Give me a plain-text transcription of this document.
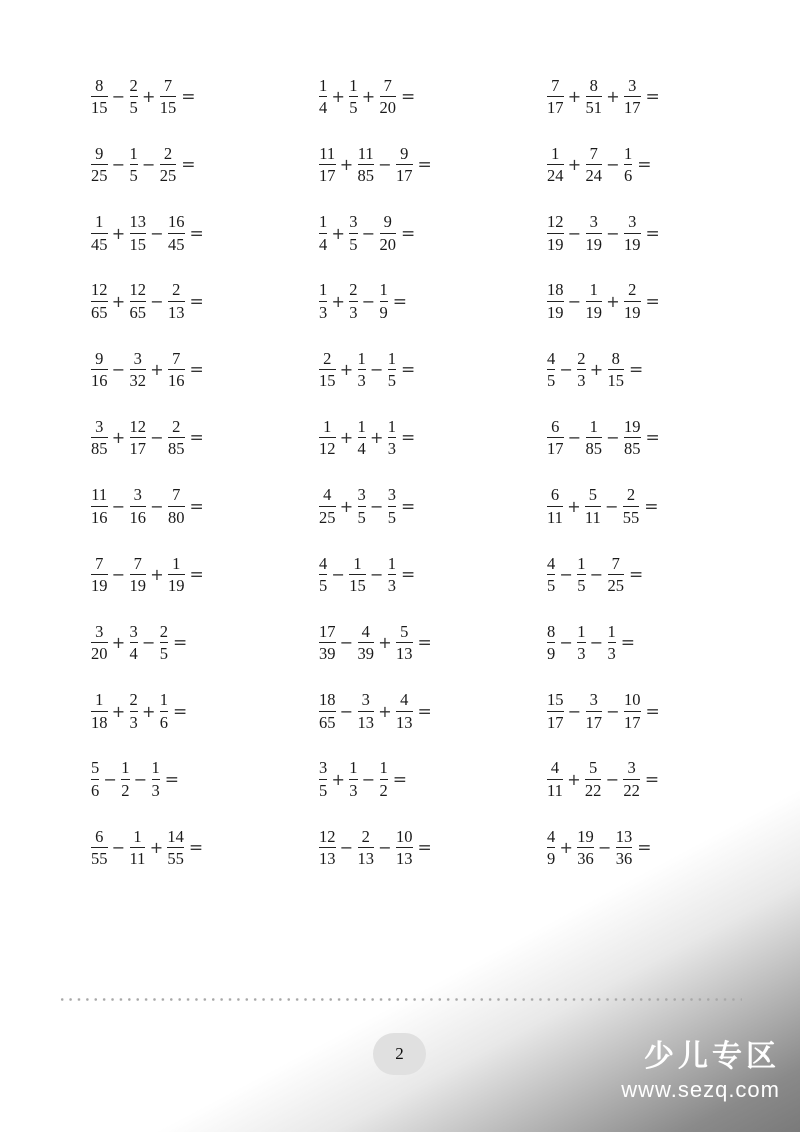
$\frac{8}{15} - \frac{2}{5} + \frac{7}{15}$ =	$\frac{1}{4} + \frac{1}{5} + \frac{7}{20}$ =	$\frac{7}{17} + \frac{8}{51} + \frac{3}{17}$ =
$\frac{9}{25} - \frac{1}{5} - \frac{2}{25}$ =	$\frac{11}{17} + \frac{11}{85} - \frac{9}{17}$ =	$\frac{1}{24} + \frac{7}{24} - \frac{1}{6}$ =
$\frac{1}{45} + \frac{13}{15} - \frac{16}{45}$ =	$\frac{1}{4} + \frac{3}{5} - \frac{9}{20}$ =	$\frac{12}{19} - \frac{3}{19} - \frac{3}{19}$ =
$\frac{12}{65} + \frac{12}{65} - \frac{2}{13}$ =	$\frac{1}{3} + \frac{2}{3} - \frac{1}{9}$ =	$\frac{18}{19} - \frac{1}{19} + \frac{2}{19}$ =
$\frac{9}{16} - \frac{3}{32} + \frac{7}{16}$ =	$\frac{2}{15} + \frac{1}{3} - \frac{1}{5}$ =	$\frac{4}{5} - \frac{2}{3} + \frac{8}{15}$ =
$\frac{3}{85} + \frac{12}{17} - \frac{2}{85}$ =	$\frac{1}{12} + \frac{1}{4} + \frac{1}{3}$ =	$\frac{6}{17} - \frac{1}{85} - \frac{19}{85}$ =
$\frac{11}{16} - \frac{3}{16} - \frac{7}{80}$ =	$\frac{4}{25} + \frac{3}{5} - \frac{3}{5}$ =	$\frac{6}{11} + \frac{5}{11} - \frac{2}{55}$ =
$\frac{7}{19} - \frac{7}{19} + \frac{1}{19}$ =	$\frac{4}{5} - \frac{1}{15} - \frac{1}{3}$ =	$\frac{4}{5} - \frac{1}{5} - \frac{7}{25}$ =
$\frac{3}{20} + \frac{3}{4} - \frac{2}{5}$ =	$\frac{17}{39} - \frac{4}{39} + \frac{5}{13}$ =	$\frac{8}{9} - \frac{1}{3} - \frac{1}{3}$ =
$\frac{1}{18} + \frac{2}{3} + \frac{1}{6}$ =	$\frac{18}{65} - \frac{3}{13} + \frac{4}{13}$ =	$\frac{15}{17} - \frac{3}{17} - \frac{10}{17}$ =
$\frac{5}{6} - \frac{1}{2} - \frac{1}{3}$ =	$\frac{3}{5} + \frac{1}{3} - \frac{1}{2}$ =	$\frac{4}{11} + \frac{5}{22} - \frac{3}{22}$ =
$\frac{6}{55} - \frac{1}{11} + \frac{14}{55}$ =	$\frac{12}{13} - \frac{2}{13} - \frac{10}{13}$ =	$\frac{4}{9} + \frac{19}{36} - \frac{13}{36}$ =
2	少儿专区
www.sezq.com
